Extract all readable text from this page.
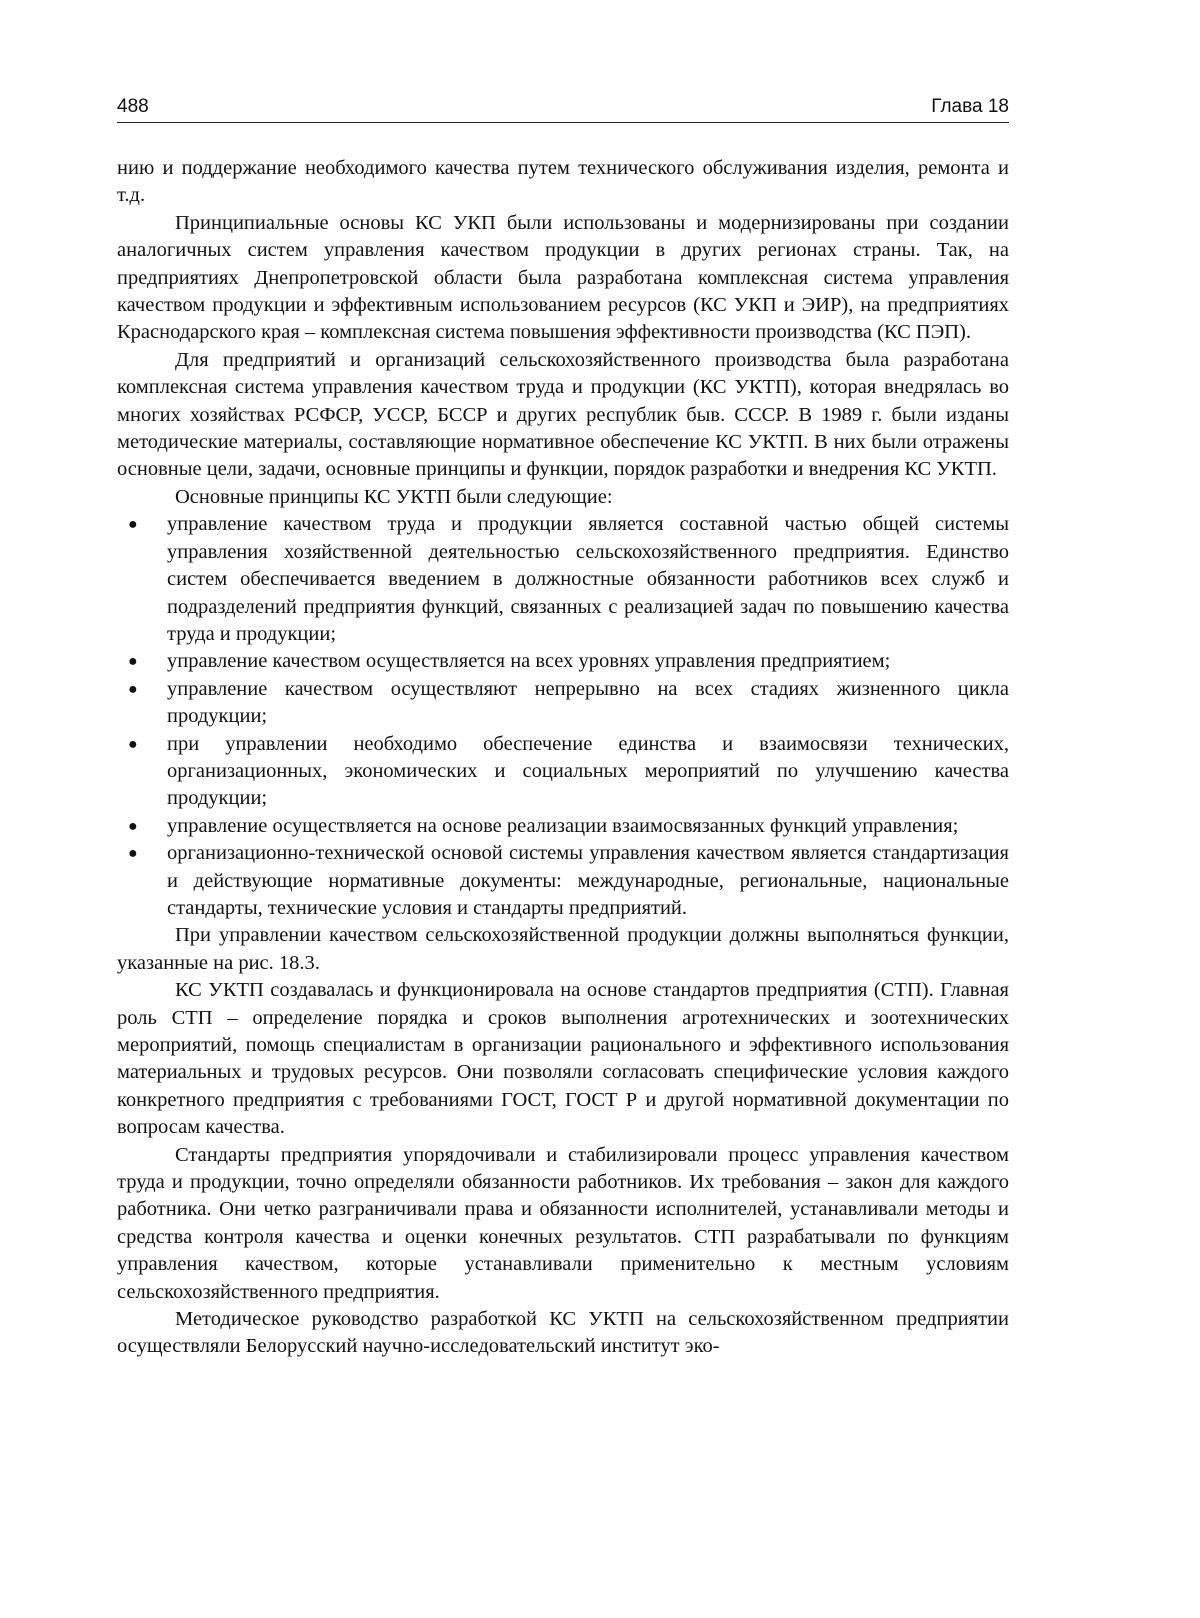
488	Глава 18

нию и поддержание необходимого качества путем технического обслуживания изделия, ремонта и т.д.

Принципиальные основы КС УКП были использованы и модернизированы при создании аналогичных систем управления качеством продукции в других регионах страны. Так, на предприятиях Днепропетровской области была разработана комплексная система управления качеством продукции и эффективным использованием ресурсов (КС УКП и ЭИР), на предприятиях Краснодарского края – комплексная система повышения эффективности производства (КС ПЭП).

Для предприятий и организаций сельскохозяйственного производства была разработана комплексная система управления качеством труда и продукции (КС УКТП), которая внедрялась во многих хозяйствах РСФСР, УССР, БССР и других республик быв. СССР. В 1989 г. были изданы методические материалы, составляющие нормативное обеспечение КС УКТП. В них были отражены основные цели, задачи, основные принципы и функции, порядок разработки и внедрения КС УКТП.

Основные принципы КС УКТП были следующие:

● управление качеством труда и продукции является составной частью общей системы управления хозяйственной деятельностью сельскохозяйственного предприятия. Единство систем обеспечивается введением в должностные обязанности работников всех служб и подразделений предприятия функций, связанных с реализацией задач по повышению качества труда и продукции;
● управление качеством осуществляется на всех уровнях управления предприятием;
● управление качеством осуществляют непрерывно на всех стадиях жизненного цикла продукции;
● при управлении необходимо обеспечение единства и взаимосвязи технических, организационных, экономических и социальных мероприятий по улучшению качества продукции;
● управление осуществляется на основе реализации взаимосвязанных функций управления;
● организационно-технической основой системы управления качеством является стандартизация и действующие нормативные документы: международные, региональные, национальные стандарты, технические условия и стандарты предприятий.

При управлении качеством сельскохозяйственной продукции должны выполняться функции, указанные на рис. 18.3.

КС УКТП создавалась и функционировала на основе стандартов предприятия (СТП). Главная роль СТП – определение порядка и сроков выполнения агротехнических и зоотехнических мероприятий, помощь специалистам в организации рационального и эффективного использования материальных и трудовых ресурсов. Они позволяли согласовать специфические условия каждого конкретного предприятия с требованиями ГОСТ, ГОСТ Р и другой нормативной документации по вопросам качества.

Стандарты предприятия упорядочивали и стабилизировали процесс управления качеством труда и продукции, точно определяли обязанности работников. Их требования – закон для каждого работника. Они четко разграничивали права и обязанности исполнителей, устанавливали методы и средства контроля качества и оценки конечных результатов. СТП разрабатывали по функциям управления качеством, которые устанавливали применительно к местным условиям сельскохозяйственного предприятия.

Методическое руководство разработкой КС УКТП на сельскохозяйственном предприятии осуществляли Белорусский научно-исследовательский институт эко-
